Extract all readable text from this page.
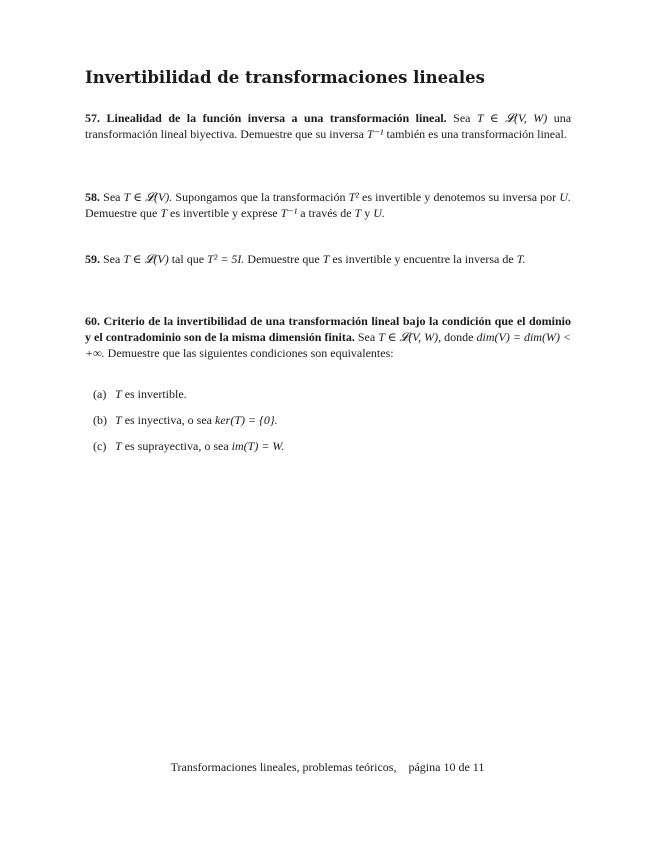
Invertibilidad de transformaciones lineales
57. Linealidad de la función inversa a una transformación lineal. Sea T ∈ 𝓛(V, W) una transformación lineal biyectiva. Demuestre que su inversa T⁻¹ también es una transformación lineal.
58. Sea T ∈ 𝓛(V). Supongamos que la transformación T² es invertible y denotemos su inversa por U. Demuestre que T es invertible y exprese T⁻¹ a través de T y U.
59. Sea T ∈ 𝓛(V) tal que T² = 5I. Demuestre que T es invertible y encuentre la inversa de T.
60. Criterio de la invertibilidad de una transformación lineal bajo la condición que el dominio y el contradominio son de la misma dimensión finita. Sea T ∈ 𝓛(V, W), donde dim(V) = dim(W) < +∞. Demuestre que las siguientes condiciones son equivalentes:
(a) T es invertible.
(b) T es inyectiva, o sea ker(T) = {0}.
(c) T es suprayectiva, o sea im(T) = W.
Transformaciones lineales, problemas teóricos, página 10 de 11
